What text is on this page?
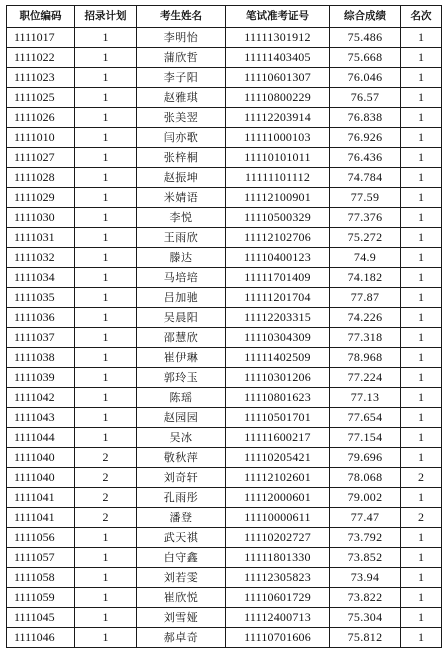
职位编码	招录计划	考生姓名	笔试准考证号	综合成绩	名次
1111017	1	李明怡	11111301912	75.486	1
1111022	1	蒲欣哲	11111403405	75.668	1
1111023	1	李子阳	11110601307	76.046	1
1111025	1	赵雅琪	11110800229	76.57	1
1111026	1	张美翌	11112203914	76.838	1
1111010	1	闫亦歌	11111000103	76.926	1
1111027	1	张梓桐	11110101011	76.436	1
1111028	1	赵振坤	11111101112	74.784	1
1111029	1	米婧语	11112100901	77.59	1
1111030	1	李悦	11110500329	77.376	1
1111031	1	王雨欣	11112102706	75.272	1
1111032	1	滕达	11110400123	74.9	1
1111034	1	马培培	11111701409	74.182	1
1111035	1	吕加驰	11111201704	77.87	1
1111036	1	吴晨阳	11112203315	74.226	1
1111037	1	邵慧欣	11110304309	77.318	1
1111038	1	崔伊琳	11111402509	78.968	1
1111039	1	郭玲玉	11110301206	77.224	1
1111042	1	陈瑶	11110801623	77.13	1
1111043	1	赵园园	11110501701	77.654	1
1111044	1	吴冰	11111600217	77.154	1
1111040	2	敬秋萍	11110205421	79.696	1
1111040	2	刘奇轩	11112102601	78.068	2
1111041	2	孔雨彤	11112000601	79.002	1
1111041	2	潘登	11110000611	77.47	2
1111056	1	武天祺	11110202727	73.792	1
1111057	1	白守鑫	11111801330	73.852	1
1111058	1	刘若雯	11112305823	73.94	1
1111059	1	崔欣悦	11110601729	73.822	1
1111045	1	刘雪娅	11112400713	75.304	1
1111046	1	郝卓奇	11110701606	75.812	1
